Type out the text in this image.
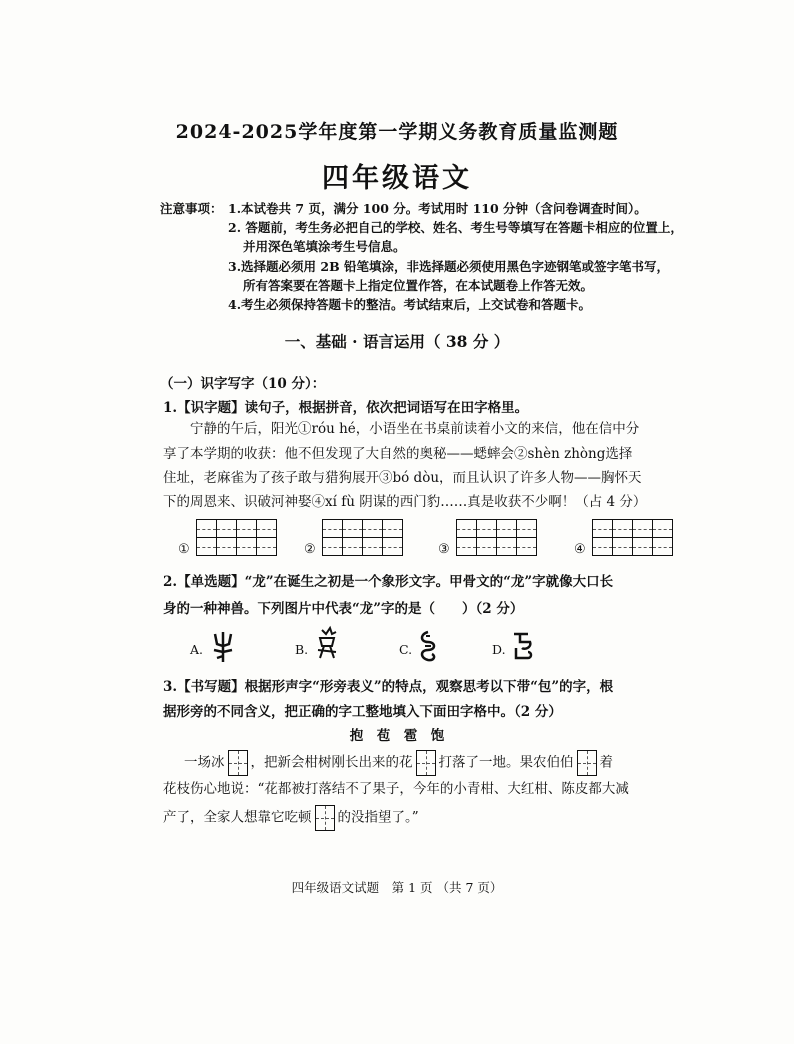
2024-2025学年度第一学期义务教育质量监测题
四年级语文
注意事项： 1.本试卷共 7 页，满分 100 分。考试用时 110 分钟（含问卷调查时间）。
2. 答题前，考生务必把自己的学校、姓名、考生号等填写在答题卡相应的位置上，
并用深色笔填涂考生号信息。
3.选择题必须用 2B 铅笔填涂，非选择题必须使用黑色字迹钢笔或签字笔书写，
所有答案要在答题卡上指定位置作答，在本试题卷上作答无效。
4.考生必须保持答题卡的整洁。考试结束后，上交试卷和答题卡。
一、基础 · 语言运用（ 38 分 ）
（一）识字写字（10 分）：
1.【识字题】读句子，根据拼音，依次把词语写在田字格里。
宁静的午后，阳光①róu hé，小语坐在书桌前读着小文的来信，他在信中分
享了本学期的收获：他不但发现了大自然的奥秘——蟋蟀会②shèn zhòng选择
住址，老麻雀为了孩子敢与猎狗展开③bó dòu，而且认识了许多人物——胸怀天
下的周恩来、识破河神娶④xí fù 阴谋的西门豹……真是收获不少啊！（占 4 分）
①	②	③	④
2.【单选题】“龙”在诞生之初是一个象形文字。甲骨文的“龙”字就像大口长
身的一种神兽。下列图片中代表“龙”字的是（　　）（2 分）
A.	B.	C.	D.
3.【书写题】根据形声字“形旁表义”的特点，观察思考以下带“包”的字，根
据形旁的不同含义，把正确的字工整地填入下面田字格中。（2 分）
抱　苞　雹　饱
一场冰 ，把新会柑树刚长出来的花 打落了一地。果农伯伯 着
花枝伤心地说：“花都被打落结不了果子，今年的小青柑、大红柑、陈皮都大减
产了，全家人想靠它吃顿 的没指望了。”
四年级语文试题　第 1 页 （共 7 页）
